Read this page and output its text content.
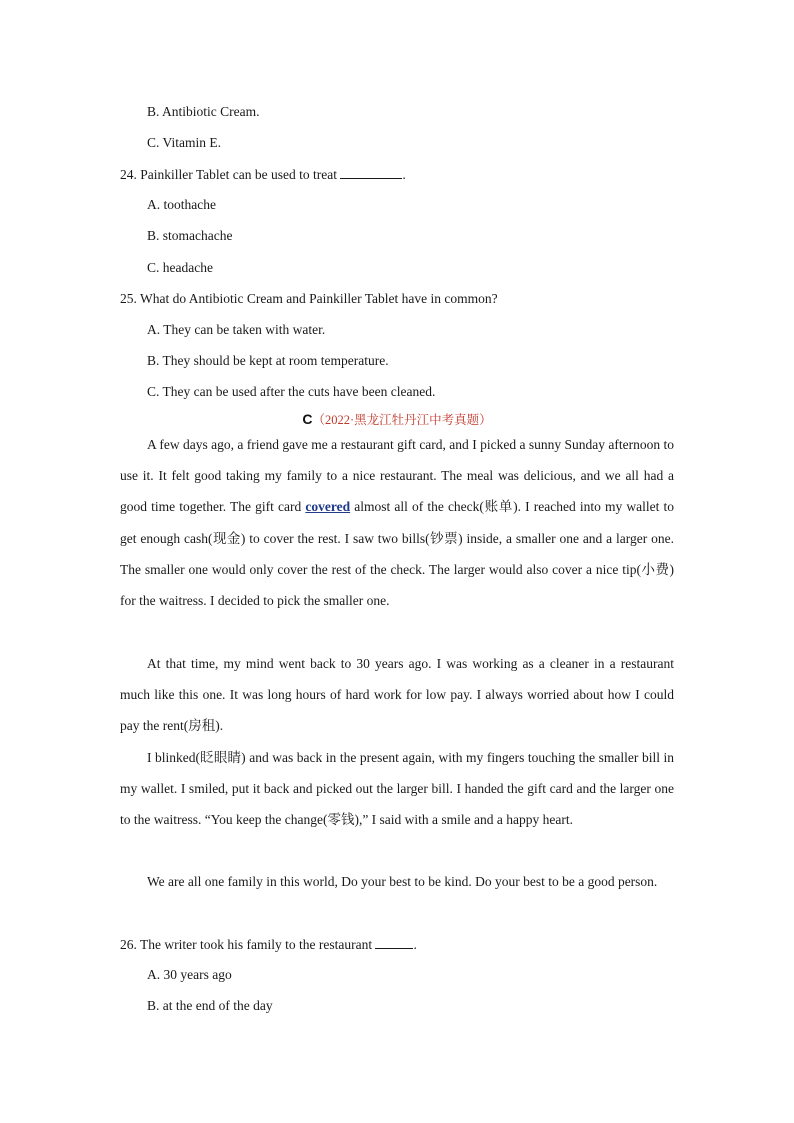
B. Antibiotic Cream.
C. Vitamin E.
24. Painkiller Tablet can be used to treat	.
A. toothache
B. stomachache
C. headache
25. What do Antibiotic Cream and Painkiller Tablet have in common?
A. They can be taken with water.
B. They should be kept at room temperature.
C. They can be used after the cuts have been cleaned.
C（2022·黑龙江牡丹江中考真题）
A few days ago, a friend gave me a restaurant gift card, and I picked a sunny Sunday afternoon to use it. It felt good taking my family to a nice restaurant. The meal was delicious, and we all had a good time together. The gift card covered almost all of the check(账单). I reached into my wallet to get enough cash(现金) to cover the rest. I saw two bills(钞票) inside, a smaller one and a larger one. The smaller one would only cover the rest of the check. The larger would also cover a nice tip(小费) for the waitress. I decided to pick the smaller one.
At that time, my mind went back to 30 years ago. I was working as a cleaner in a restaurant much like this one. It was long hours of hard work for low pay. I always worried about how I could pay the rent(房租).
I blinked(眨眼睛) and was back in the present again, with my fingers touching the smaller bill in my wallet. I smiled, put it back and picked out the larger bill. I handed the gift card and the larger one to the waitress. “You keep the change(零钱),” I said with a smile and a happy heart.
We are all one family in this world, Do your best to be kind. Do your best to be a good person.
26. The writer took his family to the restaurant	.
A. 30 years ago
B. at the end of the day
